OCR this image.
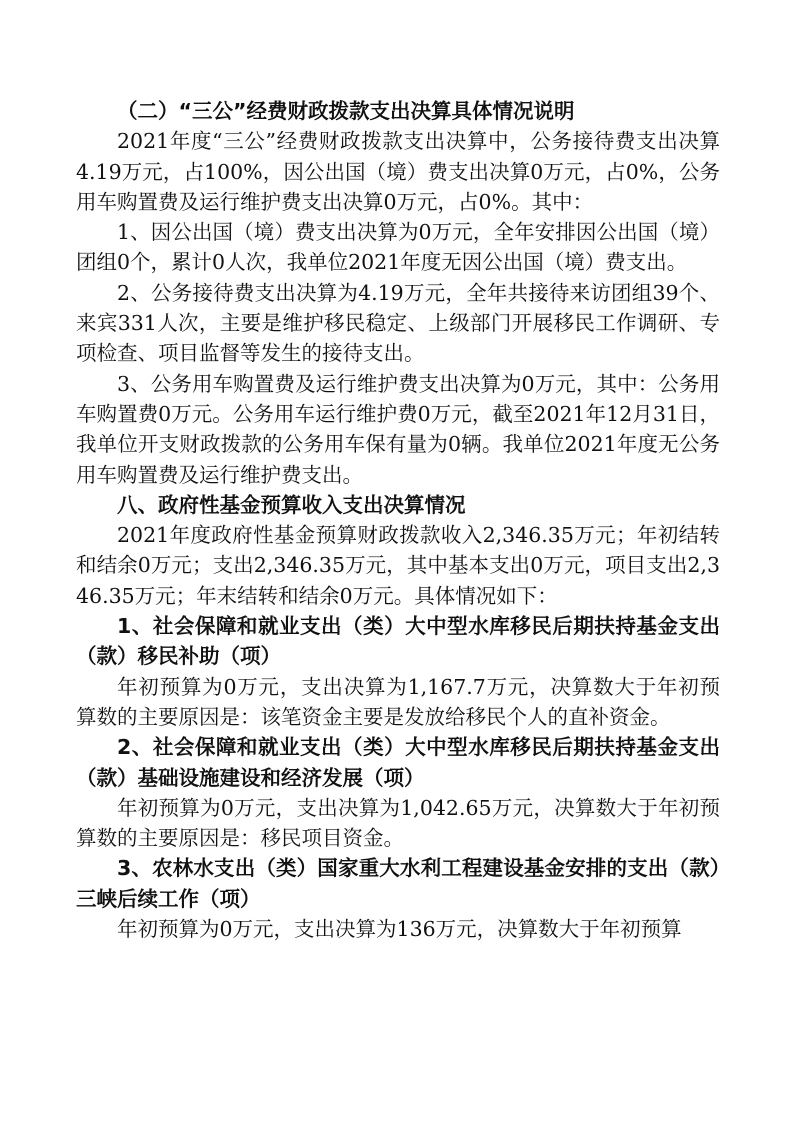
（二）“三公”经费财政拨款支出决算具体情况说明

2021年度“三公”经费财政拨款支出决算中，公务接待费支出决算4.19万元，占100%，因公出国（境）费支出决算0万元，占0%，公务用车购置费及运行维护费支出决算0万元，占0%。其中：

1、因公出国（境）费支出决算为0万元，全年安排因公出国（境）团组0个，累计0人次，我单位2021年度无因公出国（境）费支出。

2、公务接待费支出决算为4.19万元，全年共接待来访团组39个、来宾331人次，主要是维护移民稳定、上级部门开展移民工作调研、专项检查、项目监督等发生的接待支出。

3、公务用车购置费及运行维护费支出决算为0万元，其中：公务用车购置费0万元。公务用车运行维护费0万元，截至2021年12月31日，我单位开支财政拨款的公务用车保有量为0辆。我单位2021年度无公务用车购置费及运行维护费支出。

八、政府性基金预算收入支出决算情况

2021年度政府性基金预算财政拨款收入2,346.35万元；年初结转和结余0万元；支出2,346.35万元，其中基本支出0万元，项目支出2,346.35万元；年末结转和结余0万元。具体情况如下：

1、社会保障和就业支出（类）大中型水库移民后期扶持基金支出（款）移民补助（项）

年初预算为0万元，支出决算为1,167.7万元，决算数大于年初预算数的主要原因是：该笔资金主要是发放给移民个人的直补资金。

2、社会保障和就业支出（类）大中型水库移民后期扶持基金支出（款）基础设施建设和经济发展（项）

年初预算为0万元，支出决算为1,042.65万元，决算数大于年初预算数的主要原因是：移民项目资金。

3、农林水支出（类）国家重大水利工程建设基金安排的支出（款）三峡后续工作（项）

年初预算为0万元，支出决算为136万元，决算数大于年初预算
